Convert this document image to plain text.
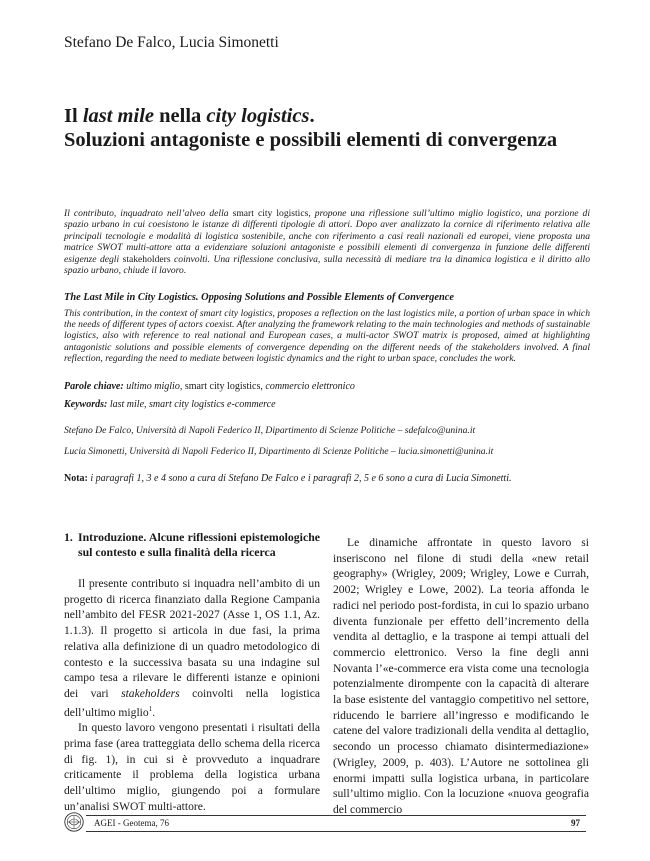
Stefano De Falco, Lucia Simonetti
Il last mile nella city logistics.
Soluzioni antagoniste e possibili elementi di convergenza
Il contributo, inquadrato nell’alveo della smart city logistics, propone una riflessione sull’ultimo miglio logistico, una porzione di spazio urbano in cui coesistono le istanze di differenti tipologie di attori. Dopo aver analizzato la cornice di riferimento relativa alle principali tecnologie e modalità di logistica sostenibile, anche con riferimento a casi reali nazionali ed europei, viene proposta una matrice SWOT multi-attore atta a evidenziare soluzioni antagoniste e possibili elementi di convergenza in funzione delle differenti esigenze degli stakeholders coinvolti. Una riflessione conclusiva, sulla necessità di mediare tra la dinamica logistica e il diritto allo spazio urbano, chiude il lavoro.
The Last Mile in City Logistics. Opposing Solutions and Possible Elements of Convergence
This contribution, in the context of smart city logistics, proposes a reflection on the last logistics mile, a portion of urban space in which the needs of different types of actors coexist. After analyzing the framework relating to the main technologies and methods of sustainable logistics, also with reference to real national and European cases, a multi-actor SWOT matrix is proposed, aimed at highlighting antagonistic solutions and possible elements of convergence depending on the different needs of the stakeholders involved. A final reflection, regarding the need to mediate between logistic dynamics and the right to urban space, concludes the work.
Parole chiave: ultimo miglio, smart city logistics, commercio elettronico
Keywords: last mile, smart city logistics e-commerce
Stefano De Falco, Università di Napoli Federico II, Dipartimento di Scienze Politiche – sdefalco@unina.it
Lucia Simonetti, Università di Napoli Federico II, Dipartimento di Scienze Politiche – lucia.simonetti@unina.it
Nota: i paragrafi 1, 3 e 4 sono a cura di Stefano De Falco e i paragrafi 2, 5 e 6 sono a cura di Lucia Simonetti.
1. Introduzione. Alcune riflessioni epistemologiche sul contesto e sulla finalità della ricerca

Il presente contributo si inquadra nell’ambito di un progetto di ricerca finanziato dalla Regione Campania nell’ambito del FESR 2021-2027 (Asse 1, OS 1.1, Az. 1.1.3). Il progetto si articola in due fasi, la prima relativa alla definizione di un quadro metodologico di contesto e la successiva basata su una indagine sul campo tesa a rilevare le differenti istanze e opinioni dei vari stakeholders coinvolti nella logistica dell’ultimo miglio$^1$.

In questo lavoro vengono presentati i risultati della prima fase (area tratteggiata dello schema della ricerca di fig. 1), in cui si è provveduto a inquadrare criticamente il problema della logistica urbana dell’ultimo miglio, giungendo poi a formulare un’analisi SWOT multi-attore.

Le dinamiche affrontate in questo lavoro si inseriscono nel filone di studi della «new retail geography» (Wrigley, 2009; Wrigley, Lowe e Currah, 2002; Wrigley e Lowe, 2002). La teoria affonda le radici nel periodo post-fordista, in cui lo spazio urbano diventa funzionale per effetto dell’incremento della vendita al dettaglio, e la traspone ai tempi attuali del commercio elettronico. Verso la fine degli anni Novanta l’«e-commerce era vista come una tecnologia potenzialmente dirompente con la capacità di alterare la base esistente del vantaggio competitivo nel settore, riducendo le barriere all’ingresso e modificando le catene del valore tradizionali della vendita al dettaglio, secondo un processo chiamato disintermediazione» (Wrigley, 2009, p. 403). L’Autore ne sottolinea gli enormi impatti sulla logistica urbana, in particolare sull’ultimo miglio. Con la locuzione «nuova geografia del commercio

AGEI - Geotema, 76	97
